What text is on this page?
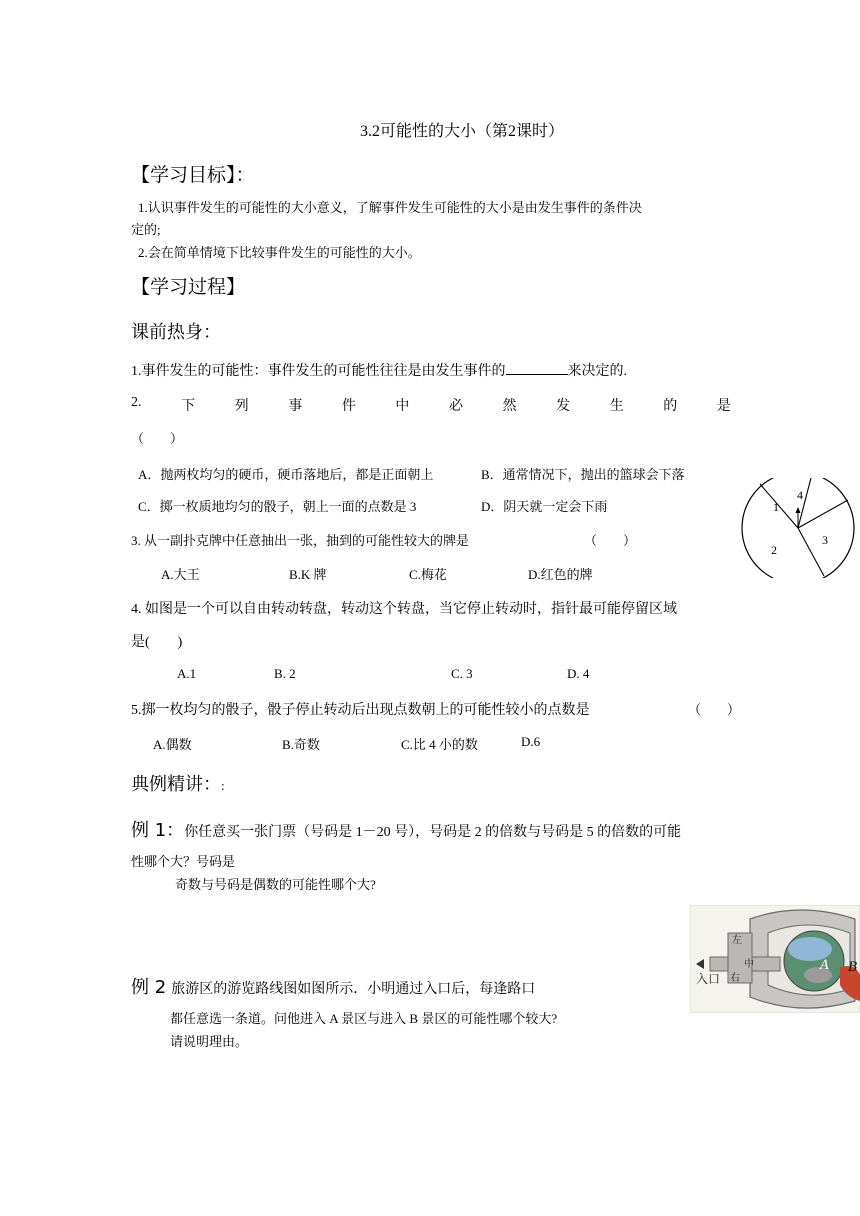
3.2可能性的大小（第2课时）
【学习目标】：
1.认识事件发生的可能性的大小意义，了解事件发生可能性的大小是由发生事件的条件决
定的;
2.会在简单情境下比较事件发生的可能性的大小。
【学习过程】
课前热身：
1.事件发生的可能性：事件发生的可能性往往是由发生事件的	来决定的.
2.	下	列	事	件	中	必	然	发	生	的	是
（　　）
A．抛两枚均匀的硬币，硬币落地后，都是正面朝上	B．通常情况下，抛出的篮球会下落
C．掷一枚质地均匀的骰子，朝上一面的点数是 3	D．阴天就一定会下雨
3. 从一副扑克牌中任意抽出一张，抽到的可能性较大的牌是	（　　）
A.大王	B.K 牌	C.梅花	D.红色的牌
4. 如图是一个可以自由转动转盘，转动这个转盘，当它停止转动时，指针最可能停留区域
是(　　)
A.1	B. 2	C. 3	D. 4
5.掷一枚均匀的骰子，骰子停止转动后出现点数朝上的可能性较小的点数是	（　　）
A.偶数	B.奇数	C.比 4 小的数	D.6
1
2
3
4
典例精讲：:
例 1：你任意买一张门票（号码是 1－20 号），号码是 2 的倍数与号码是 5 的倍数的可能
性哪个大？号码是
奇数与号码是偶数的可能性哪个大?
例 2 旅游区的游览路线图如图所示．小明通过入口后，每逢路口
都任意选一条道。问他进入 A 景区与进入 B 景区的可能性哪个较大?
请说明理由。
入口
左
中
右
A B
